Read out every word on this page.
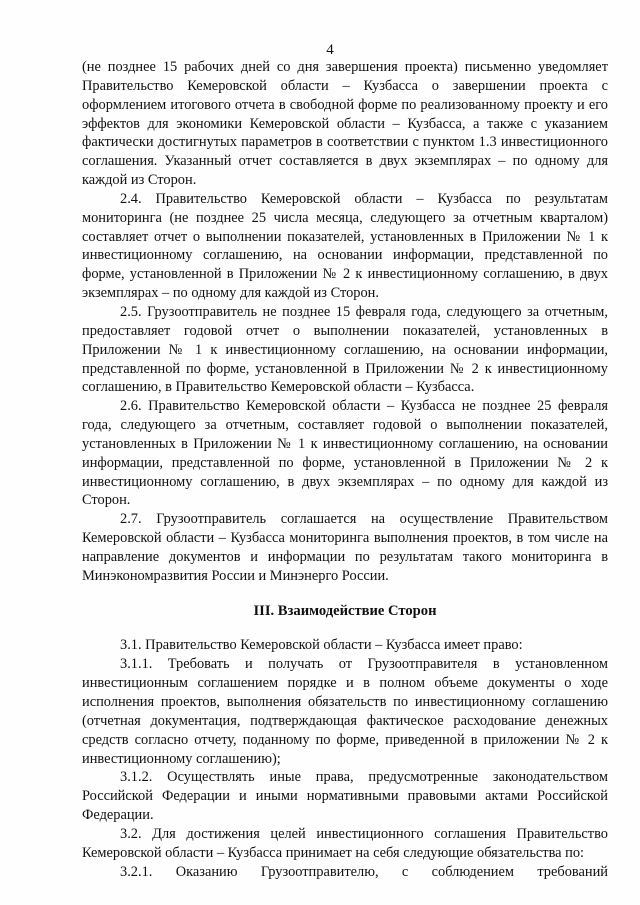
4

(не позднее 15 рабочих дней со дня завершения проекта) письменно уведомляет Правительство Кемеровской области – Кузбасса о завершении проекта с оформлением итогового отчета в свободной форме по реализованному проекту и его эффектов для экономики Кемеровской области – Кузбасса, а также с указанием фактически достигнутых параметров в соответствии с пунктом 1.3 инвестиционного соглашения. Указанный отчет составляется в двух экземплярах – по одному для каждой из Сторон.

2.4. Правительство Кемеровской области – Кузбасса по результатам мониторинга (не позднее 25 числа месяца, следующего за отчетным кварталом) составляет отчет о выполнении показателей, установленных в Приложении № 1 к инвестиционному соглашению, на основании информации, представленной по форме, установленной в Приложении № 2 к инвестиционному соглашению, в двух экземплярах – по одному для каждой из Сторон.

2.5. Грузоотправитель не позднее 15 февраля года, следующего за отчетным, предоставляет годовой отчет о выполнении показателей, установленных в Приложении № 1 к инвестиционному соглашению, на основании информации, представленной по форме, установленной в Приложении № 2 к инвестиционному соглашению, в Правительство Кемеровской области – Кузбасса.

2.6. Правительство Кемеровской области – Кузбасса не позднее 25 февраля года, следующего за отчетным, составляет годовой о выполнении показателей, установленных в Приложении № 1 к инвестиционному соглашению, на основании информации, представленной по форме, установленной в Приложении № 2 к инвестиционному соглашению, в двух экземплярах – по одному для каждой из Сторон.

2.7. Грузоотправитель соглашается на осуществление Правительством Кемеровской области – Кузбасса мониторинга выполнения проектов, в том числе на направление документов и информации по результатам такого мониторинга в Минэкономразвития России и Минэнерго России.

III. Взаимодействие Сторон

3.1. Правительство Кемеровской области – Кузбасса имеет право:

3.1.1. Требовать и получать от Грузоотправителя в установленном инвестиционным соглашением порядке и в полном объеме документы о ходе исполнения проектов, выполнения обязательств по инвестиционному соглашению (отчетная документация, подтверждающая фактическое расходование денежных средств согласно отчету, поданному по форме, приведенной в приложении № 2 к инвестиционному соглашению);

3.1.2. Осуществлять иные права, предусмотренные законодательством Российской Федерации и иными нормативными правовыми актами Российской Федерации.

3.2. Для достижения целей инвестиционного соглашения Правительство Кемеровской области – Кузбасса принимает на себя следующие обязательства по:

3.2.1. Оказанию Грузоотправителю, с соблюдением требований
